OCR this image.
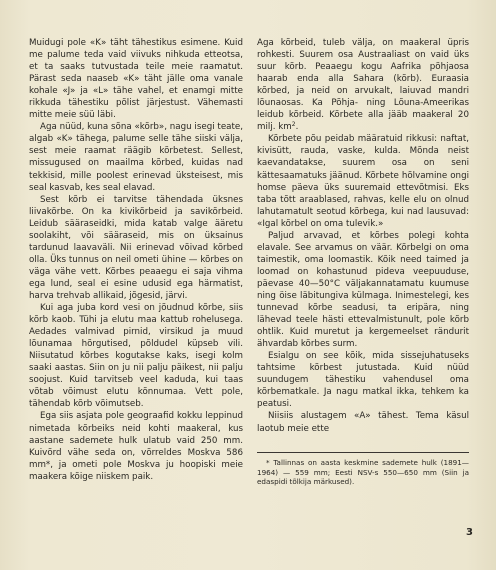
Muidugi pole «K» täht tähestikus esimene. Kuid me palume teda vaid viivuks nihkuda etteotsa, et ta saaks tutvustada teile meie raamatut. Pärast seda naaseb «K» täht jälle oma vanale kohale «J» ja «L» tähe vahel, et enamgi mitte rikkuda tähestiku põlist järjestust. Vähemasti mitte meie süü läbi.

Aga nüüd, kuna sõna «kõrb», nagu isegi teate, algab «K» tähega, palume selle tähe siiski välja, sest meie raamat räägib kõrbetest. Sellest, missugused on maailma kõrbed, kuidas nad tekkisid, mille poolest erinevad üksteisest, mis seal kasvab, kes seal elavad.

Sest kõrb ei tarvitse tähendada üksnes liivakõrbe. On ka kivikõrbeid ja savikõrbeid. Leidub sääraseidki, mida katab valge ääretu soolakiht, või sääraseid, mis on üksainus tardunud laavaväli. Nii erinevad võivad kõrbed olla. Üks tunnus on neil ometi ühine — kõrbes on väga vähe vett. Kõrbes peaaegu ei saja vihma ega lund, seal ei esine udusid ega härmatist, harva trehvab allikaid, jõgesid, järvi.

Kui aga juba kord vesi on jõudnud kõrbe, siis kõrb kaob. Tühi ja elutu maa kattub rohelusega. Aedades valmivad pirnid, virsikud ja muud lõunamaa hõrgutised, põldudel küpseb vili. Niisutatud kõrbes kogutakse kaks, isegi kolm saaki aastas. Siin on ju nii palju päikest, nii palju soojust. Kuid tarvitseb veel kaduda, kui taas võtab võimust elutu kõnnumaa. Vett pole, tähendab kõrb võimutseb.

Ega siis asjata pole geograafid kokku leppinud nimetada kõrbeiks neid kohti maakeral, kus aastane sademete hulk ulatub vaid 250 mm. Kuivõrd vähe seda on, võrreldes Moskva 586 mm*, ja ometi pole Moskva ju hoopiski meie maakera kõige niiskem paik.

Aga kõrbeid, tuleb välja, on maakeral üpris rohkesti. Suurem osa Austraaliast on vaid üks suur kõrb. Peaaegu kogu Aafrika põhjaosa haarab enda alla Sahara (kõrb). Euraasia kõrbed, ja neid on arvukalt, laiuvad mandri lõunaosas. Ka Põhja- ning Lõuna-Ameerikas leidub kõrbeid. Kõrbete alla jääb maakeral 20 milj. $km^2$.

Kõrbete põu peidab määratuid rikkusi: naftat, kivisütt, rauda, vaske, kulda. Mõnda neist kaevandatakse, suurem osa on seni kättesaamatuks jäänud. Kõrbete hõlvamine ongi homse päeva üks suuremaid ettevõtmisi. Eks taba tõtt araablased, rahvas, kelle elu on olnud lahutamatult seotud kõrbega, kui nad lausuvad: «Igal kõrbel on oma tulevik.»

Paljud arvavad, et kõrbes polegi kohta elavale. See arvamus on väär. Kõrbelgi on oma taimestik, oma loomastik. Kõik need taimed ja loomad on kohastunud pideva veepuuduse, päevase 40—50°C väljakannatamatu kuumuse ning öise läbitungiva külmaga. Inimestelegi, kes tunnevad kõrbe seadusi, ta eripära, ning lähevad teele hästi ettevalmistunult, pole kõrb ohtlik. Kuid muretut ja kergemeelset rändurit ähvardab kõrbes surm.

Esialgu on see kõik, mida sissejuhatuseks tahtsime kõrbest jutustada. Kuid nüüd suundugem tähestiku vahendusel oma kõrbematkale. Ja nagu matkal ikka, tehkem ka peatusi.

Niisiis alustagem «A» tähest. Tema käsul laotub meie ette

* Tallinnas on aasta keskmine sademete hulk (1891—1964) — 559 mm; Eesti NSV-s 550—650 mm (Siin ja edaspidi tõlkija märkused).

3
